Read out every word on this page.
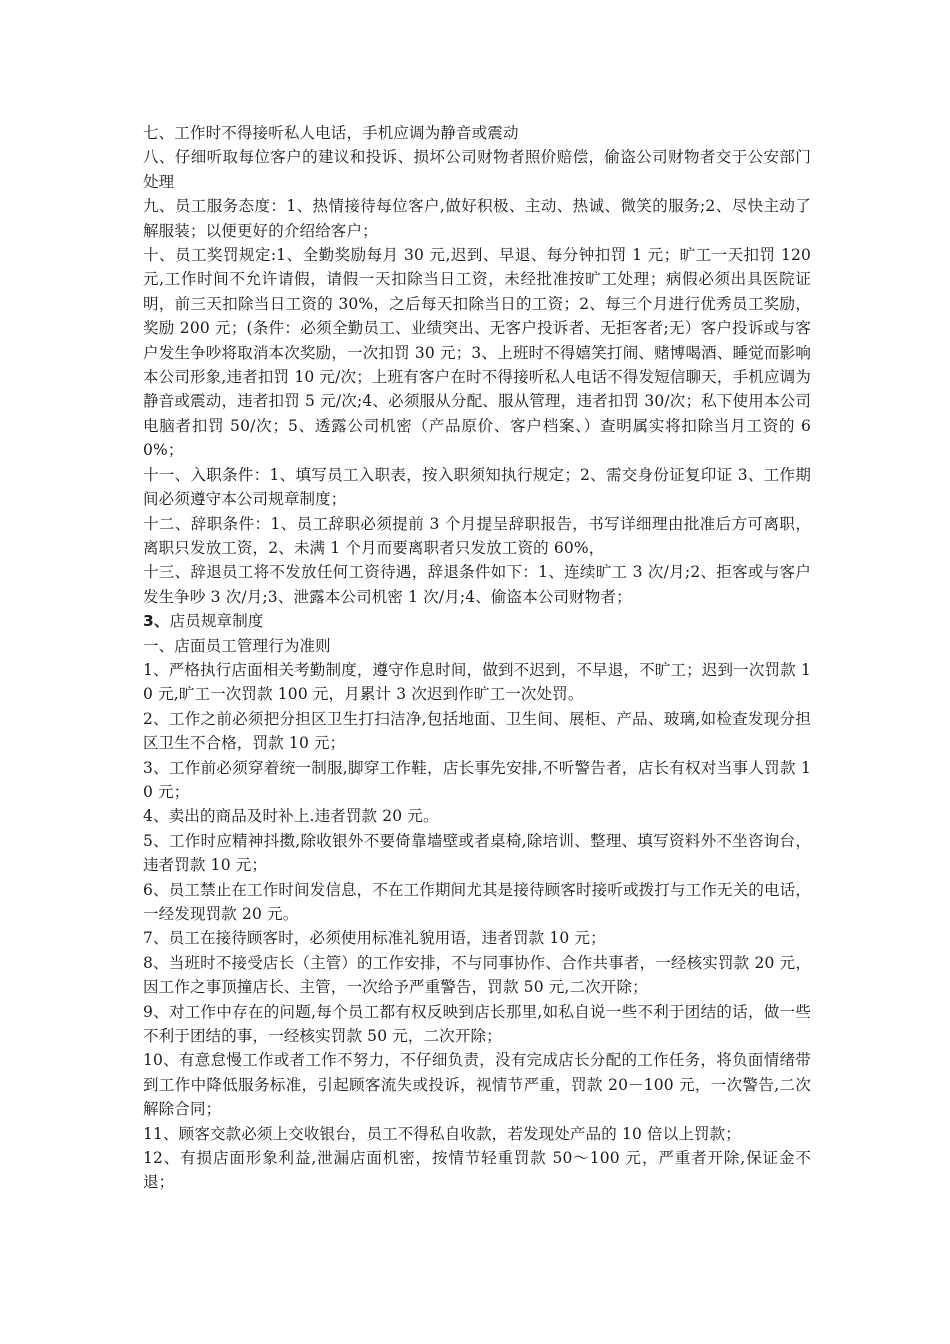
七、工作时不得接听私人电话，手机应调为静音或震动

八、仔细听取每位客户的建议和投诉、损坏公司财物者照价赔偿，偷盗公司财物者交于公安部门处理

九、员工服务态度：1、热情接待每位客户,做好积极、主动、热诚、微笑的服务;2、尽快主动了解服装；以便更好的介绍给客户；

十、员工奖罚规定:1、全勤奖励每月 30 元,迟到、早退、每分钟扣罚 1 元；旷工一天扣罚 120 元,工作时间不允许请假，请假一天扣除当日工资，未经批准按旷工处理；病假必须出具医院证明，前三天扣除当日工资的 30%，之后每天扣除当日的工资；2、每三个月进行优秀员工奖励，奖励 200 元；(条件：必须全勤员工、业绩突出、无客户投诉者、无拒客者;无）客户投诉或与客户发生争吵将取消本次奖励，一次扣罚 30 元；3、上班时不得嬉笑打闹、赌博喝酒、睡觉而影响本公司形象,违者扣罚 10 元/次；上班有客户在时不得接听私人电话不得发短信聊天，手机应调为静音或震动，违者扣罚 5 元/次;4、必须服从分配、服从管理，违者扣罚 30/次；私下使用本公司电脑者扣罚 50/次；5、透露公司机密（产品原价、客户档案、）查明属实将扣除当月工资的 60%；

十一、入职条件：1、填写员工入职表，按入职须知执行规定；2、需交身份证复印证 3、工作期间必须遵守本公司规章制度；

十二、辞职条件：1、员工辞职必须提前 3 个月提呈辞职报告，书写详细理由批准后方可离职，离职只发放工资，2、未满 1 个月而要离职者只发放工资的 60%，

十三、辞退员工将不发放任何工资待遇，辞退条件如下：1、连续旷工 3 次/月;2、拒客或与客户发生争吵 3 次/月;3、泄露本公司机密 1 次/月;4、偷盗本公司财物者；

3、店员规章制度

一、店面员工管理行为准则

1、严格执行店面相关考勤制度，遵守作息时间，做到不迟到，不早退，不旷工；迟到一次罚款 10 元,旷工一次罚款 100 元，月累计 3 次迟到作旷工一次处罚。

2、工作之前必须把分担区卫生打扫洁净,包括地面、卫生间、展柜、产品、玻璃,如检查发现分担区卫生不合格，罚款 10 元；

3、工作前必须穿着统一制服,脚穿工作鞋，店长事先安排,不听警告者，店长有权对当事人罚款 10 元；

4、卖出的商品及时补上.违者罚款 20 元。

5、工作时应精神抖擞,除收银外不要倚靠墙壁或者桌椅,除培训、整理、填写资料外不坐咨询台，违者罚款 10 元；

6、员工禁止在工作时间发信息，不在工作期间尤其是接待顾客时接听或拨打与工作无关的电话，一经发现罚款 20 元。

7、员工在接待顾客时，必须使用标准礼貌用语，违者罚款 10 元；

8、当班时不接受店长（主管）的工作安排，不与同事协作、合作共事者，一经核实罚款 20 元，因工作之事顶撞店长、主管，一次给予严重警告，罚款 50 元,二次开除；

9、对工作中存在的问题,每个员工都有权反映到店长那里,如私自说一些不利于团结的话，做一些不利于团结的事，一经核实罚款 50 元，二次开除；

10、有意怠慢工作或者工作不努力，不仔细负责，没有完成店长分配的工作任务，将负面情绪带到工作中降低服务标准，引起顾客流失或投诉，视情节严重，罚款 20－100 元，一次警告,二次解除合同；

11、顾客交款必须上交收银台，员工不得私自收款，若发现处产品的 10 倍以上罚款；

12、有损店面形象利益,泄漏店面机密，按情节轻重罚款 50～100 元，严重者开除,保证金不退；
